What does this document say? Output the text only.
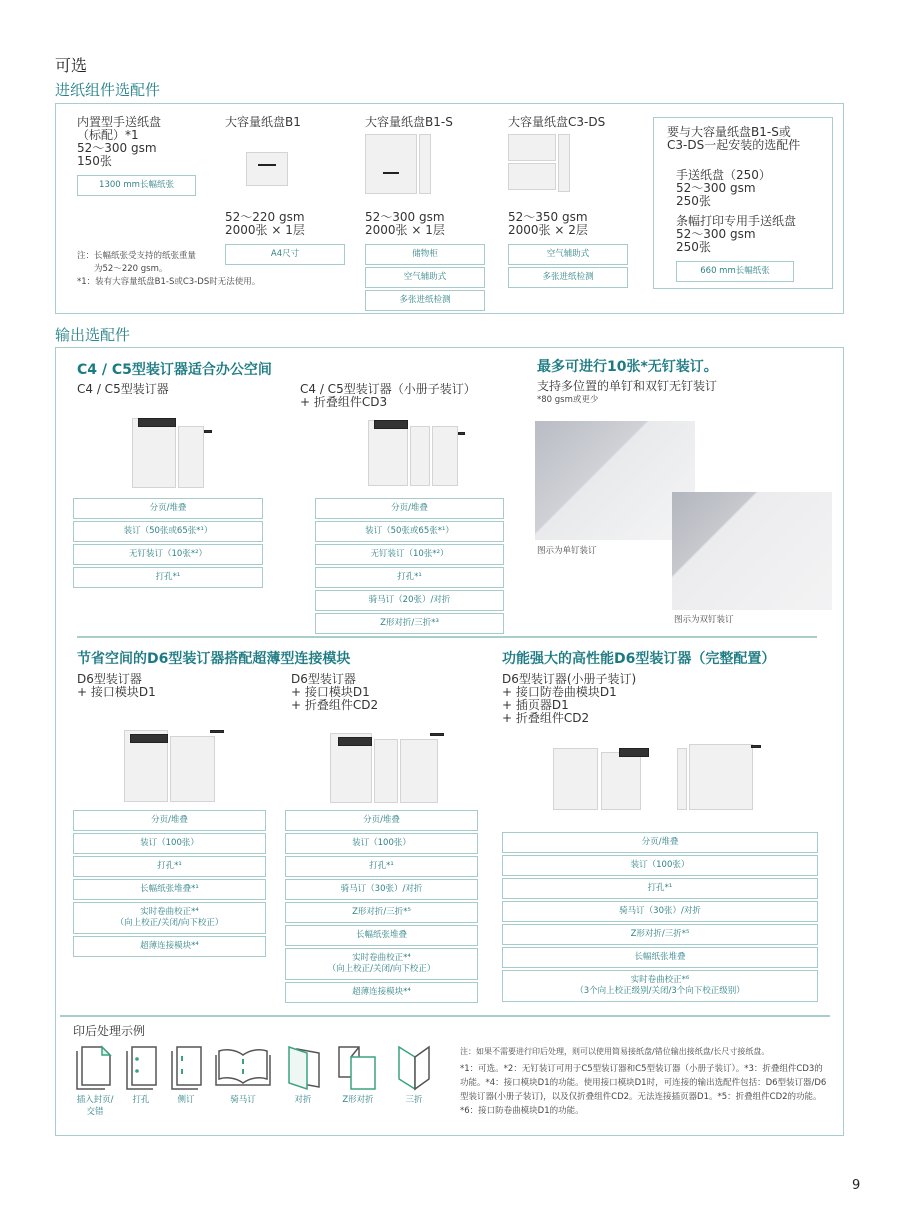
可选
进纸组件选配件
内置型手送纸盘
（标配）*1
52～300 gsm
150张
1300 mm长幅纸张
注：长幅纸张受支持的纸张重量
　　为52～220 gsm。
*1：装有大容量纸盘B1-S或C3-DS时无法使用。
大容量纸盘B1
52～220 gsm
2000张 × 1层
A4尺寸
大容量纸盘B1-S
52～300 gsm
2000张 × 1层
储物柜
空气辅助式
多张进纸检测
大容量纸盘C3-DS
52～350 gsm
2000张 × 2层
空气辅助式
多张进纸检测
要与大容量纸盘B1-S或
C3-DS一起安装的选配件
手送纸盘（250）
52～300 gsm
250张
条幅打印专用手送纸盘
52～300 gsm
250张
660 mm长幅纸张
输出选配件
C4 / C5型装订器适合办公空间
C4 / C5型装订器
分页/堆叠
装订（50张或65张*¹）
无钉装订（10张*²）
打孔*¹
C4 / C5型装订器（小册子装订）
+ 折叠组件CD3
分页/堆叠
装订（50张或65张*¹）
无钉装订（10张*²）
打孔*¹
骑马订（20张）/对折
Z形对折/三折*³
最多可进行10张*无钉装订。
支持多位置的单钉和双钉无钉装订
*80 gsm或更少
图示为单钉装订
图示为双钉装订
节省空间的D6型装订器搭配超薄型连接模块
D6型装订器
+ 接口模块D1
分页/堆叠
装订（100张）
打孔*¹
长幅纸张堆叠*¹
实时卷曲校正*⁴
（向上校正/关闭/向下校正）
超薄连接模块*⁴
D6型装订器
+ 接口模块D1
+ 折叠组件CD2
分页/堆叠
装订（100张）
打孔*¹
骑马订（30张）/对折
Z形对折/三折*⁵
长幅纸张堆叠
实时卷曲校正*⁴
（向上校正/关闭/向下校正）
超薄连接模块*⁴
功能强大的高性能D6型装订器（完整配置）
D6型装订器(小册子装订)
+ 接口防卷曲模块D1
+ 插页器D1
+ 折叠组件CD2
分页/堆叠
装订（100张）
打孔*¹
骑马订（30张）/对折
Z形对折/三折*⁵
长幅纸张堆叠
实时卷曲校正*⁶
（3个向上校正级别/关闭/3个向下校正级别）
印后处理示例
插入封页/
交错
打孔	侧订	骑马订	对折	Z形对折	三折
注：如果不需要进行印后处理，则可以使用简易接纸盘/错位输出接纸盘/长尺寸接纸盘。
*1：可选。*2：无钉装订可用于C5型装订器和C5型装订器（小册子装订）。*3：折叠组件CD3的功能。*4：接口模块D1的功能。使用接口模块D1时，可连接的输出选配件包括：D6型装订器/D6型装订器(小册子装订)，以及仅折叠组件CD2。无法连接插页器D1。*5：折叠组件CD2的功能。*6：接口防卷曲模块D1的功能。
9
